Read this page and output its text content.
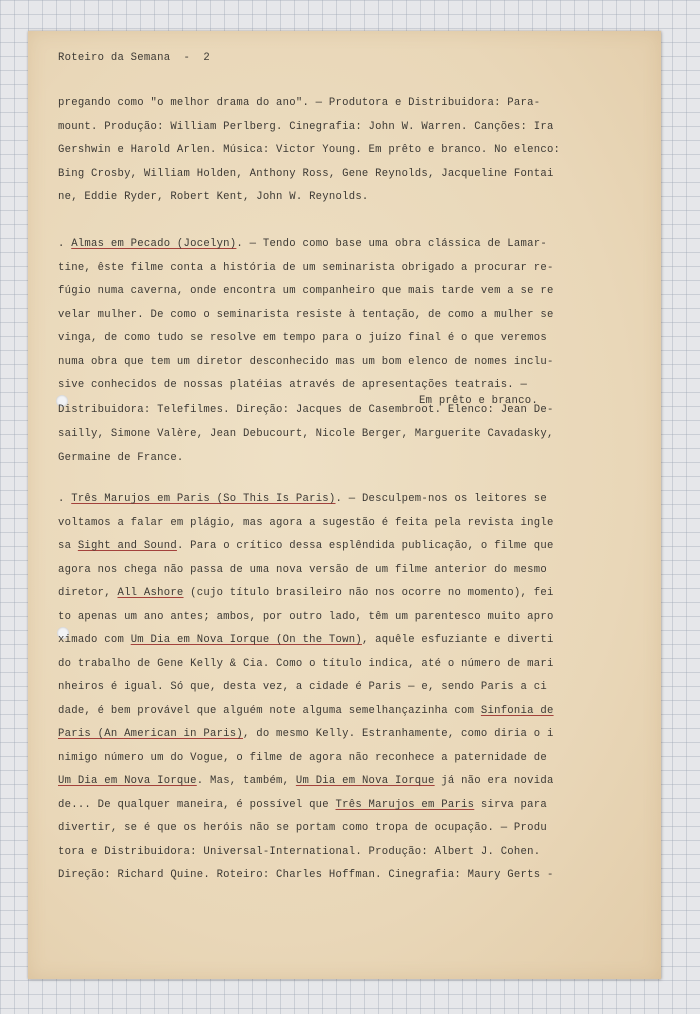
Roteiro da Semana  -  2
pregando como "o melhor drama do ano". — Produtora e Distribuidora: Para-
mount. Produção: William Perlberg. Cinegrafia: John W. Warren. Canções: Ira
Gershwin e Harold Arlen. Música: Victor Young. Em prêto e branco. No elenco:
Bing Crosby, William Holden, Anthony Ross, Gene Reynolds, Jacqueline Fontai
ne, Eddie Ryder, Robert Kent, John W. Reynolds.
. Almas em Pecado (Jocelyn). — Tendo como base uma obra clássica de Lamar-
tine, êste filme conta a história de um seminarista obrigado a procurar re-
fúgio numa caverna, onde encontra um companheiro que mais tarde vem a se re
velar mulher. De como o seminarista resiste à tentação, de como a mulher se
vinga, de como tudo se resolve em tempo para o juízo final é o que veremos
numa obra que tem um diretor desconhecido mas um bom elenco de nomes inclu-
sive conhecidos de nossas platéias através de apresentações teatrais. —
Em prêto e branco.
Distribuidora: Telefilmes. Direção: Jacques de Casembroot. Elenco: Jean De-
sailly, Simone Valère, Jean Debucourt, Nicole Berger, Marguerite Cavadasky,
Germaine de France.
. Três Marujos em Paris (So This Is Paris). — Desculpem-nos os leitores se
voltamos a falar em plágio, mas agora a sugestão é feita pela revista ingle
sa Sight and Sound. Para o crítico dessa esplêndida publicação, o filme que
agora nos chega não passa de uma nova versão de um filme anterior do mesmo
diretor, All Ashore (cujo título brasileiro não nos ocorre no momento), fei
to apenas um ano antes; ambos, por outro lado, têm um parentesco muito apro
ximado com Um Dia em Nova Iorque (On the Town), aquêle esfuziante e diverti
do trabalho de Gene Kelly & Cia. Como o título indica, até o número de mari
nheiros é igual. Só que, desta vez, a cidade é Paris — e, sendo Paris a ci
dade, é bem provável que alguém note alguma semelhançazinha com Sinfonia de
Paris (An American in Paris), do mesmo Kelly. Estranhamente, como diria o i
nimigo número um do Vogue, o filme de agora não reconhece a paternidade de
Um Dia em Nova Iorque. Mas, também, Um Dia em Nova Iorque já não era novida
de... De qualquer maneira, é possível que Três Marujos em Paris sirva para
divertir, se é que os heróis não se portam como tropa de ocupação. — Produ
tora e Distribuidora: Universal-International. Produção: Albert J. Cohen.
Direção: Richard Quine. Roteiro: Charles Hoffman. Cinegrafia: Maury Gerts -
